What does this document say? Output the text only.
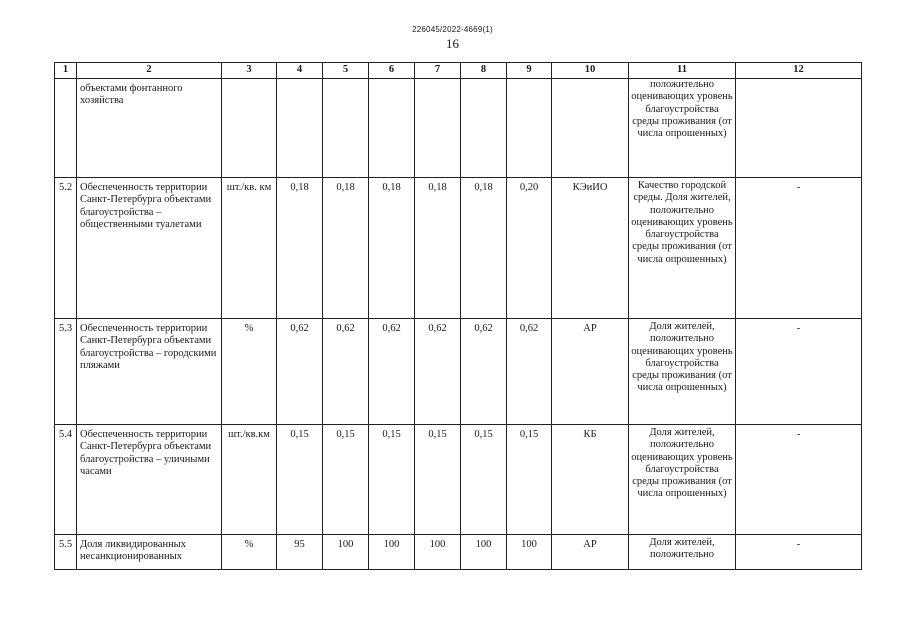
226045/2022-4669(1)
16
1	2	3	4	5	6	7	8	9	10	11	12
	объектами фонтанного хозяйства									положительно оценивающих уровень благоустройства среды проживания (от числа опрошенных)	
5.2	Обеспеченность территории Санкт-Петербурга объектами благоустройства – общественными туалетами	шт./кв. км	0,18	0,18	0,18	0,18	0,18	0,20	КЭиИО	Качество городской среды. Доля жителей, положительно оценивающих уровень благоустройства среды проживания (от числа опрошенных)	-
5.3	Обеспеченность территории Санкт-Петербурга объектами благоустройства – городскими пляжами	%	0,62	0,62	0,62	0,62	0,62	0,62	АР	Доля жителей, положительно оценивающих уровень благоустройства среды проживания (от числа опрошенных)	-
5.4	Обеспеченность территории Санкт-Петербурга объектами благоустройства – уличными часами	шт./кв.км	0,15	0,15	0,15	0,15	0,15	0,15	КБ	Доля жителей, положительно оценивающих уровень благоустройства среды проживания (от числа опрошенных)	-
5.5	Доля ликвидированных несанкционированных	%	95	100	100	100	100	100	АР	Доля жителей, положительно	-
